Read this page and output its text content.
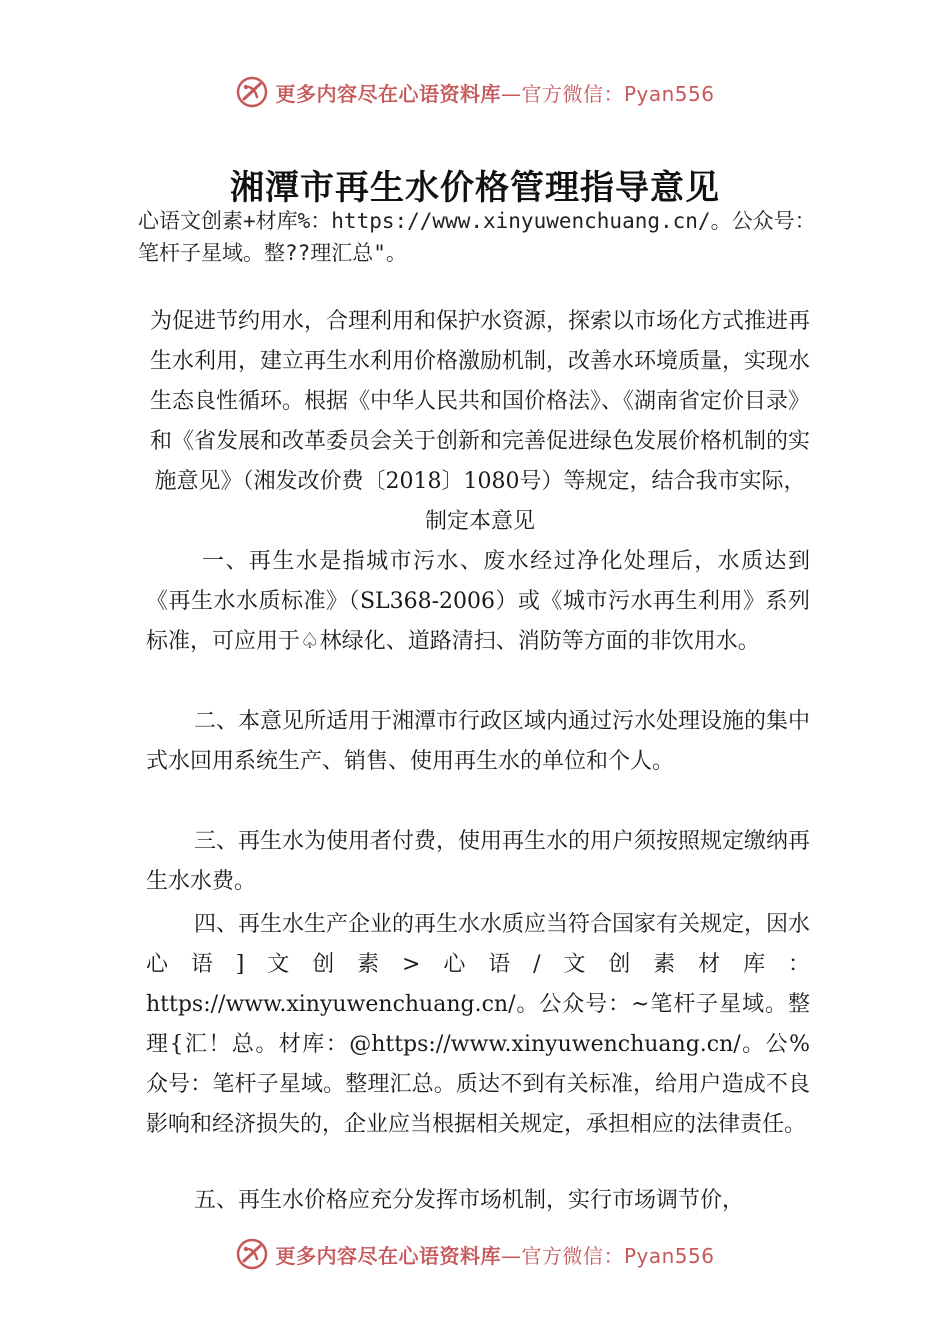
更多内容尽在心语资料库—官方微信：Pyan556
湘潭市再生水价格管理指导意见

心语文创素+材库%：https://www.xinyuwenchuang.cn/。公众号：笔杆子星域。整??理汇总"。

为促进节约用水，合理利用和保护水资源，探索以市场化方式推进再生水利用，建立再生水利用价格激励机制，改善水环境质量，实现水生态良性循环。根据《中华人民共和国价格法》、《湖南省定价目录》和《省发展和改革委员会关于创新和完善促进绿色发展价格机制的实施意见》（湘发改价费〔2018〕1080号）等规定，结合我市实际，制定本意见

一、再生水是指城市污水、废水经过净化处理后，水质达到《再生水水质标准》（SL368-2006）或《城市污水再生利用》系列标准，可应用于♤林绿化、道路清扫、消防等方面的非饮用水。

二、本意见所适用于湘潭市行政区域内通过污水处理设施的集中式水回用系统生产、销售、使用再生水的单位和个人。

三、再生水为使用者付费，使用再生水的用户须按照规定缴纳再生水水费。

四、再生水生产企业的再生水水质应当符合国家有关规定，因水心语]文创素>心语/文创素材库：https://www.xinyuwenchuang.cn/。公众号：~笔杆子星域。整理{汇！总。材库：@https://www.xinyuwenchuang.cn/。公%众号：笔杆子星域。整理汇总。质达不到有关标准，给用户造成不良影响和经济损失的，企业应当根据相关规定，承担相应的法律责任。

五、再生水价格应充分发挥市场机制，实行市场调节价，

更多内容尽在心语资料库—官方微信：Pyan556
